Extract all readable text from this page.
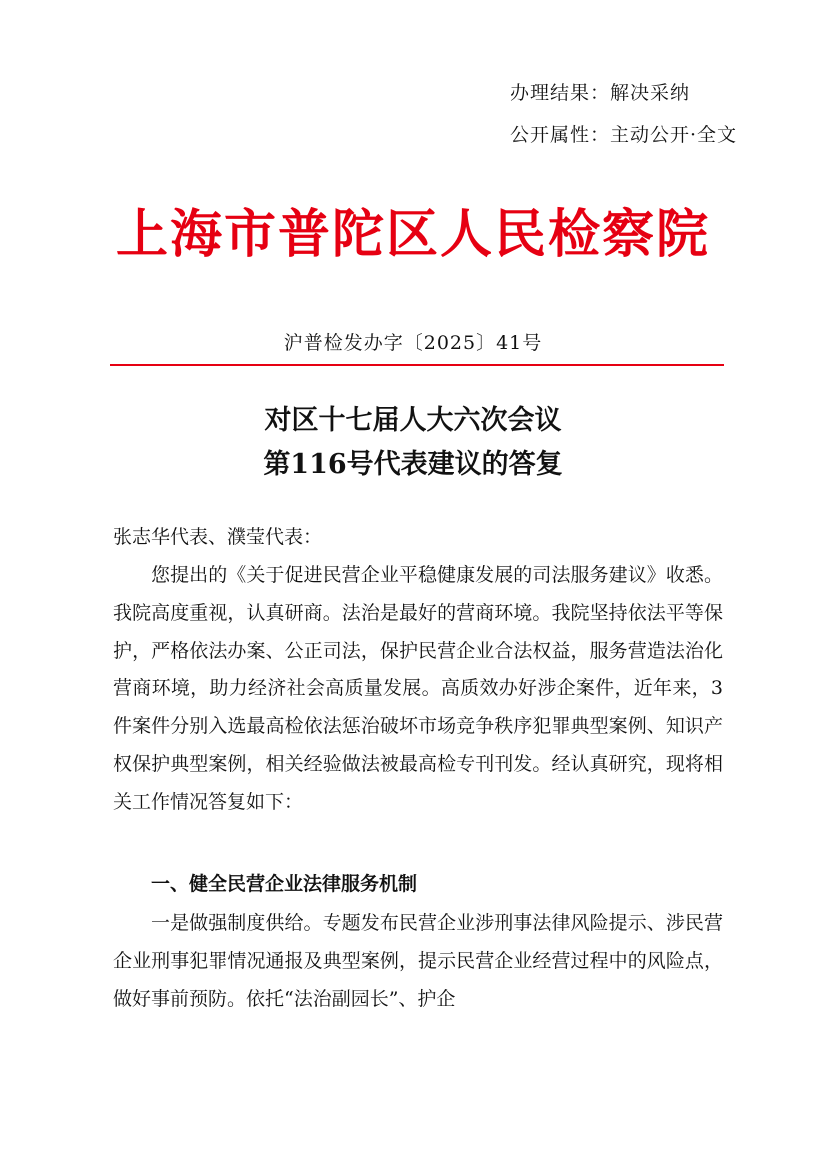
办理结果：解决采纳
公开属性：主动公开·全文
上海市普陀区人民检察院
沪普检发办字〔2025〕41号
对区十七届人大六次会议
第116号代表建议的答复
张志华代表、濮莹代表：
您提出的《关于促进民营企业平稳健康发展的司法服务建议》收悉。我院高度重视，认真研商。法治是最好的营商环境。我院坚持依法平等保护，严格依法办案、公正司法，保护民营企业合法权益，服务营造法治化营商环境，助力经济社会高质量发展。高质效办好涉企案件，近年来，3件案件分别入选最高检依法惩治破坏市场竞争秩序犯罪典型案例、知识产权保护典型案例，相关经验做法被最高检专刊刊发。经认真研究，现将相关工作情况答复如下：
一、健全民营企业法律服务机制
一是做强制度供给。专题发布民营企业涉刑事法律风险提示、涉民营企业刑事犯罪情况通报及典型案例，提示民营企业经营过程中的风险点，做好事前预防。依托“法治副园长”、护企
